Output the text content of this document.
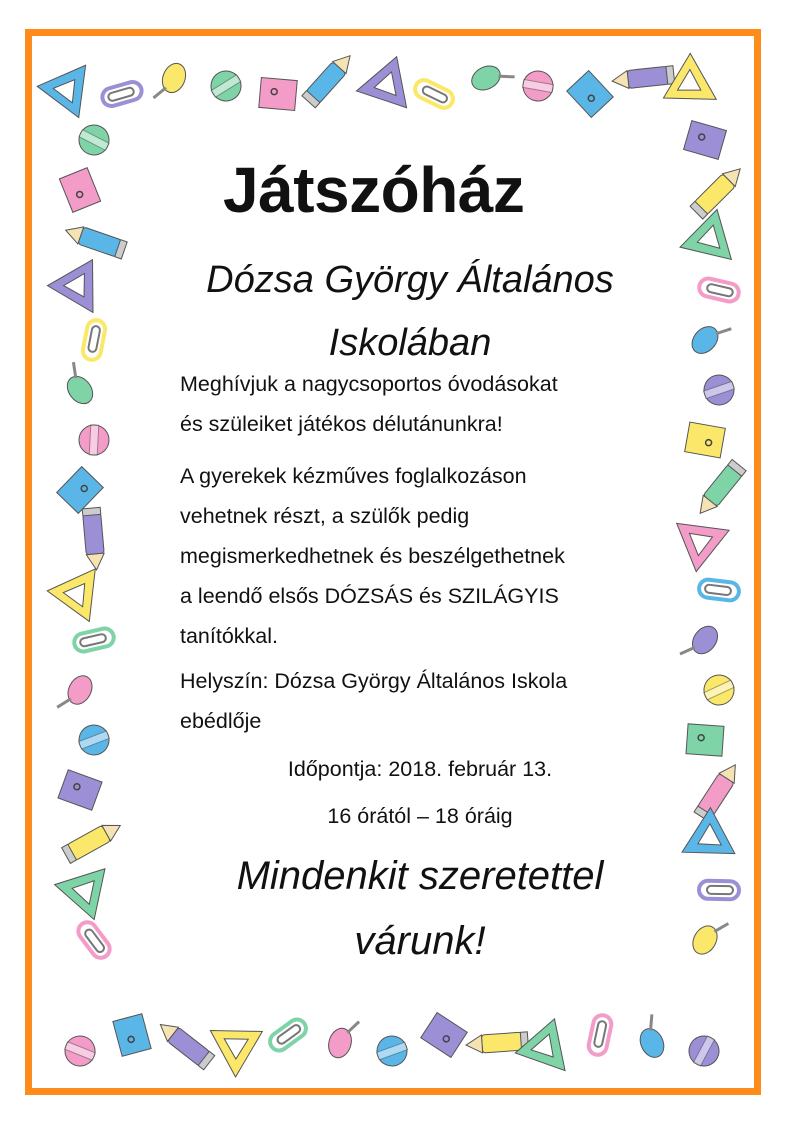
Játszóház
Dózsa György Általános
Iskolában
Meghívjuk a nagycsoportos óvodásokat
és szüleiket játékos délutánunkra!
A gyerekek kézműves foglalkozáson
vehetnek részt, a szülők pedig
megismerkedhetnek és beszélgethetnek
a leendő elsős DÓZSÁS és SZILÁGYIS
tanítókkal.
Helyszín: Dózsa György Általános Iskola
ebédlője
Időpontja: 2018. február 13.
16 órától – 18 óráig
Mindenkit szeretettel
várunk!
